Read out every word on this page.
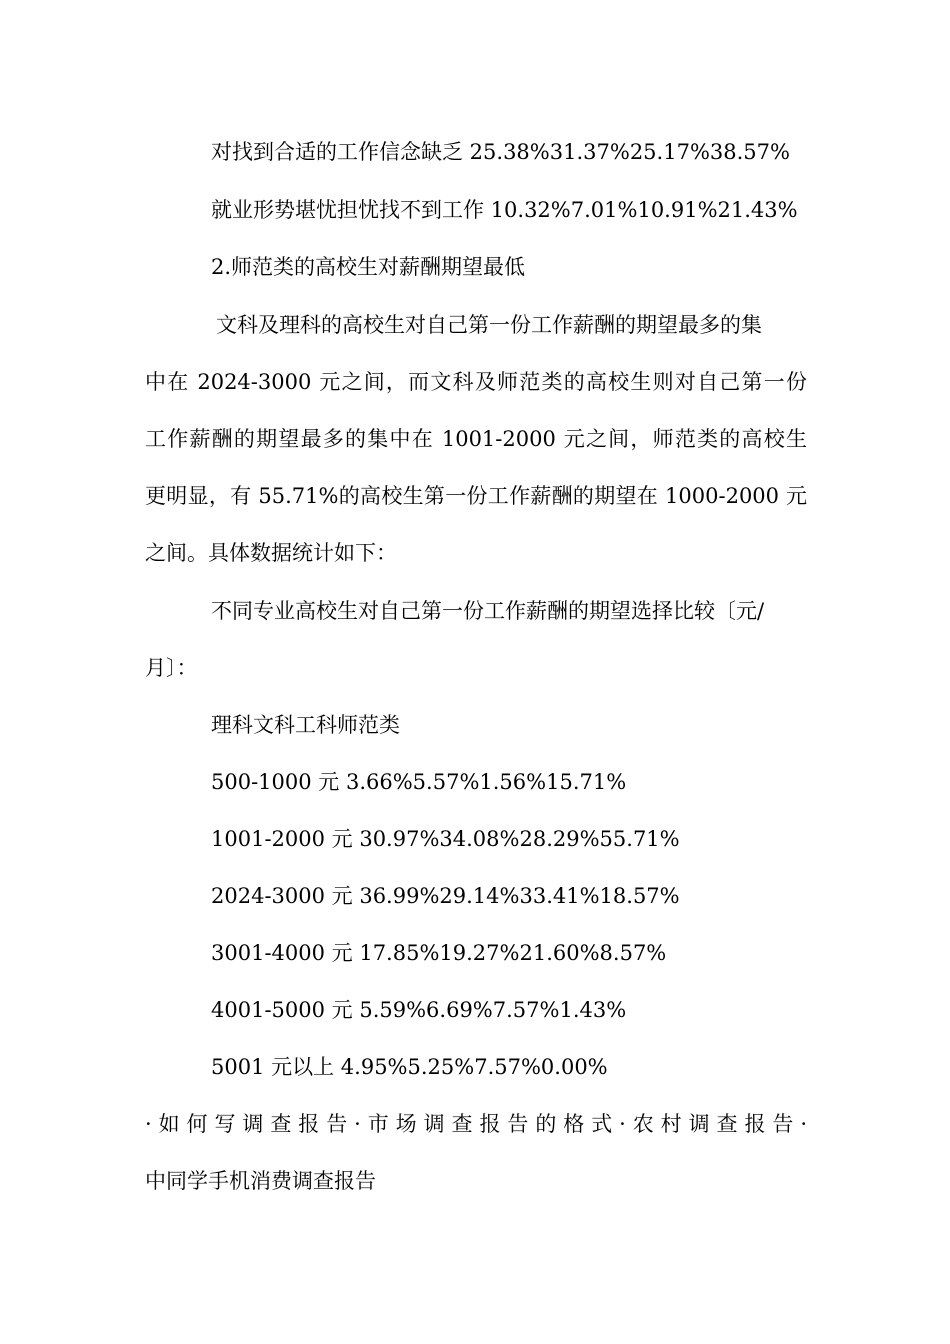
对找到合适的工作信念缺乏 25.38%31.37%25.17%38.57%
就业形势堪忧担忧找不到工作 10.32%7.01%10.91%21.43%
2.师范类的高校生对薪酬期望最低
文科及理科的高校生对自己第一份工作薪酬的期望最多的集
中在 2024-3000 元之间，而文科及师范类的高校生则对自己第一份
工作薪酬的期望最多的集中在 1001-2000 元之间，师范类的高校生
更明显，有 55.71%的高校生第一份工作薪酬的期望在 1000-2000 元
之间。具体数据统计如下：
不同专业高校生对自己第一份工作薪酬的期望选择比较〔元/
月〕：
理科文科工科师范类
500-1000 元 3.66%5.57%1.56%15.71%
1001-2000 元 30.97%34.08%28.29%55.71%
2024-3000 元 36.99%29.14%33.41%18.57%
3001-4000 元 17.85%19.27%21.60%8.57%
4001-5000 元 5.59%6.69%7.57%1.43%
5001 元以上 4.95%5.25%7.57%0.00%
·如何写调查报告·市场调查报告的格式·农村调查报告·
中同学手机消费调查报告
